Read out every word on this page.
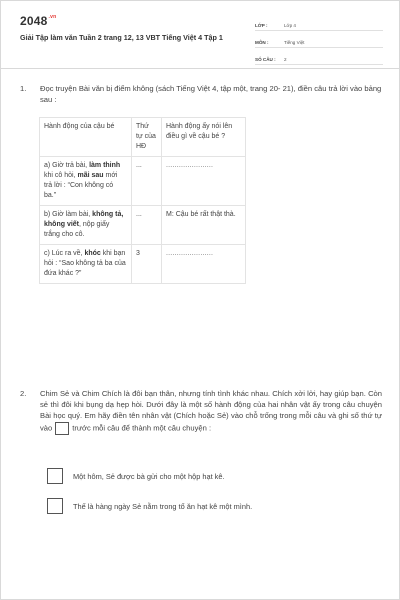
$2048^{.vn}$
Giải Tập làm văn Tuần 2 trang 12, 13 VBT Tiếng Việt 4 Tập 1
LỚP :	Lớp 4
MÔN :	Tiếng Việt
SỐ CÂU :	2
1. Đọc truyện Bài văn bị điểm không (sách Tiếng Việt 4, tập một, trang 20- 21), điền câu trả lời vào bảng sau :
Hành động của cậu bé	Thứ tự của HĐ	Hành động ấy nói lên điều gì về cậu bé ?
a) Giờ trả bài, làm thinh khi cô hỏi, mãi sau mới trả lời : “Con không có ba.”	...	......................
b) Giờ làm bài, không tả, không viết, nộp giấy trắng cho cô.	...	M: Cậu bé rất thật thà.
c) Lúc ra về, khóc khi bạn hỏi : “Sao không tả ba của đứa khác ?”	3	......................
2. Chim Sẻ và Chim Chích là đôi bạn thân, nhưng tính tình khác nhau. Chích xởi lởi, hay giúp bạn. Còn sẻ thì đôi khi bụng dạ hẹp hòi. Dưới đây là một số hành động của hai nhân vật ấy trong câu chuyện Bài học quý. Em hãy điền tên nhân vật (Chích hoặc Sẻ) vào chỗ trống trong mỗi câu và ghi số thứ tự vào	trước mỗi câu để thành một câu chuyện :
Một hôm, Sẻ được bà gửi cho một hộp hạt kê.
Thế là hàng ngày Sẻ nằm trong tổ ăn hạt kê một mình.
